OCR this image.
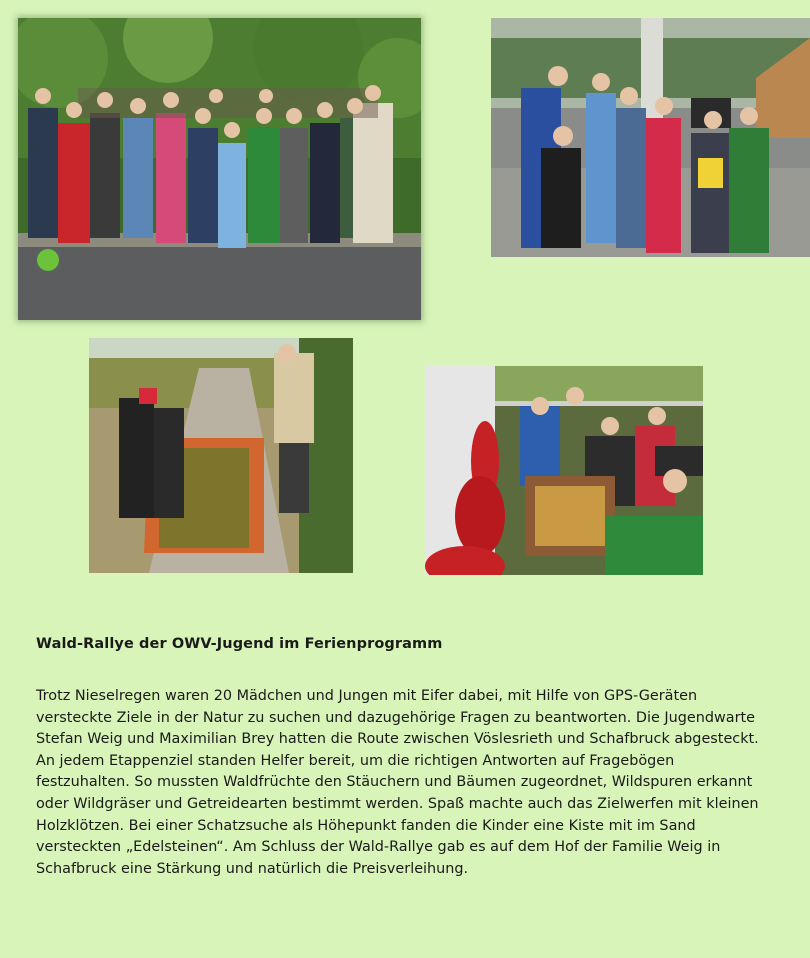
Wald-Rallye der OWV-Jugend im Ferienprogramm

Trotz Nieselregen waren 20 Mädchen und Jungen mit Eifer dabei, mit Hilfe von GPS-Geräten versteckte Ziele in der Natur zu suchen und dazugehörige Fragen zu beantworten. Die Jugendwarte Stefan Weig und Maximilian Brey hatten die Route zwischen Vöslesrieth und Schafbruck abgesteckt. An jedem Etappenziel standen Helfer bereit, um die richtigen Antworten auf Fragebögen festzuhalten. So mussten Waldfrüchte den Stäuchern und Bäumen zugeordnet, Wildspuren erkannt oder Wildgräser und Getreidearten bestimmt werden. Spaß machte auch das Zielwerfen mit kleinen Holzklötzen. Bei einer Schatzsuche als Höhepunkt fanden die Kinder eine Kiste mit im Sand versteckten „Edelsteinen“. Am Schluss der Wald-Rallye gab es auf dem Hof der Familie Weig in Schafbruck eine Stärkung und natürlich die Preisverleihung.
